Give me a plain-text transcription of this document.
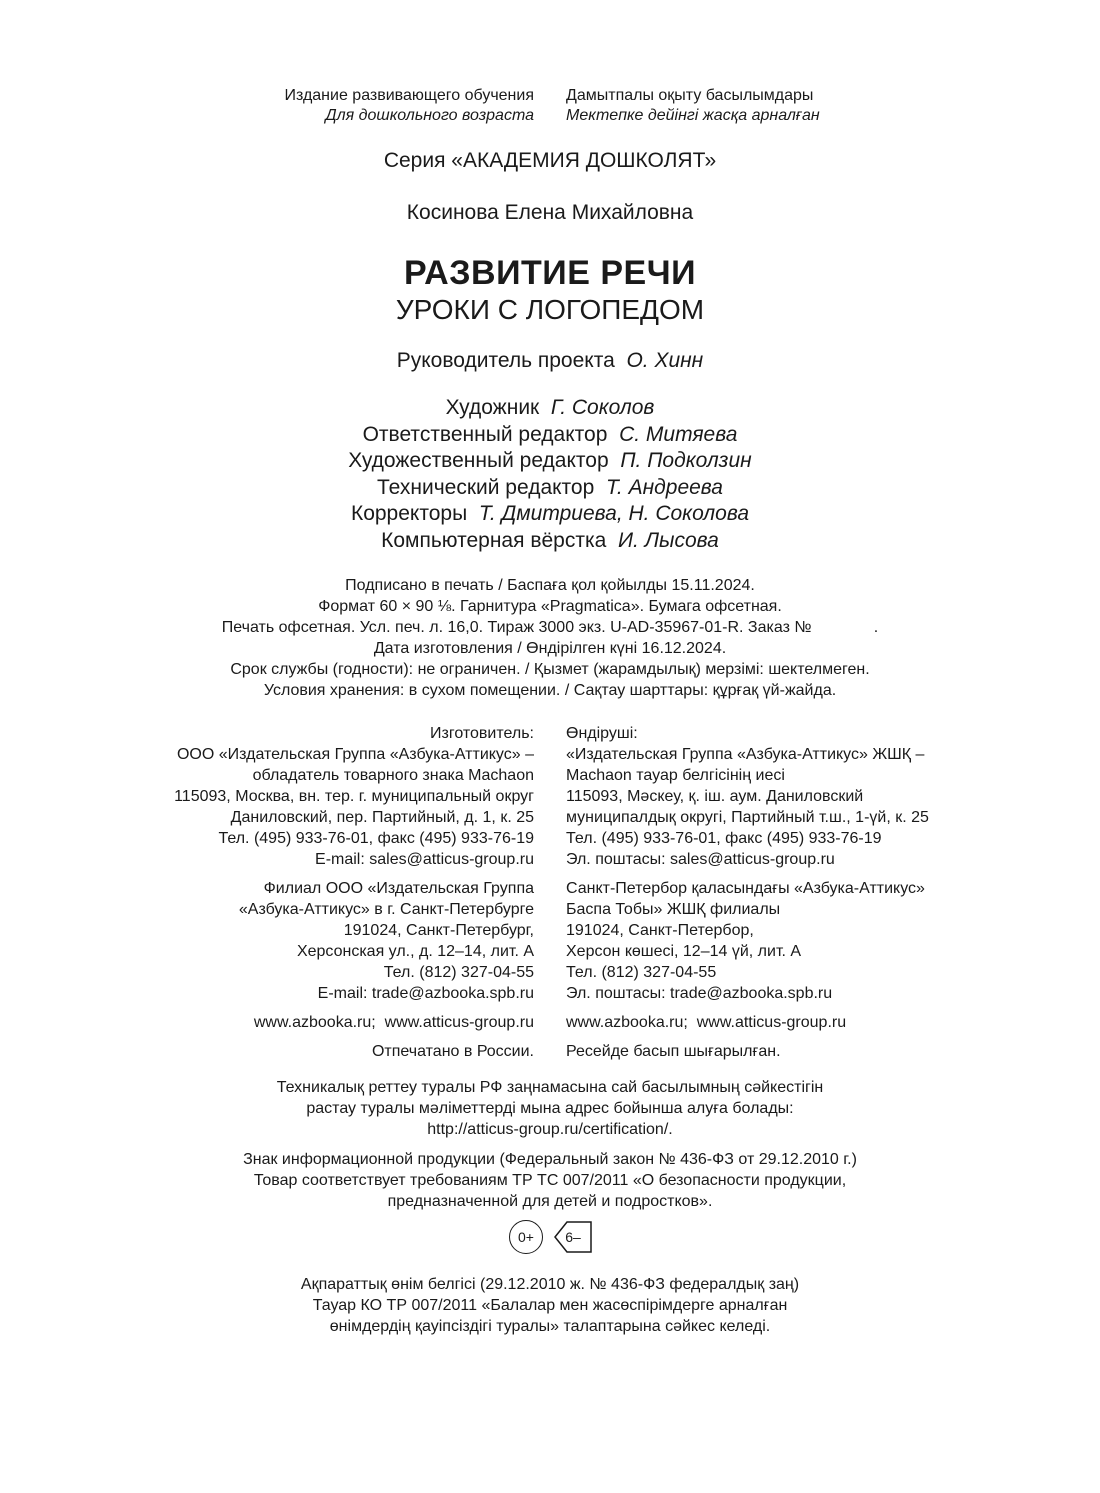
Издание развивающего обучения
Для дошкольного возраста
Дамытпалы оқыту басылымдары
Мектепке дейінгі жасқа арналған
Серия «АКАДЕМИЯ ДОШКОЛЯТ»
Косинова Елена Михайловна
РАЗВИТИЕ РЕЧИ
УРОКИ С ЛОГОПЕДОМ
Руководитель проекта О. Хинн
Художник Г. Соколов
Ответственный редактор С. Митяева
Художественный редактор П. Подколзин
Технический редактор Т. Андреева
Корректоры Т. Дмитриева, Н. Соколова
Компьютерная вёрстка И. Лысова
Подписано в печать / Баспаға қол қойылды 15.11.2024.
Формат 60 × 90 ⅛. Гарнитура «Pragmatica». Бумага офсетная.
Печать офсетная. Усл. печ. л. 16,0. Тираж 3000 экз. U-AD-35967-01-R. Заказ №              .
Дата изготовления / Өндірілген күні 16.12.2024.
Срок службы (годности): не ограничен. / Қызмет (жарамдылық) мерзімі: шектелмеген.
Условия хранения: в сухом помещении. / Сақтау шарттары: құрғақ үй-жайда.
Изготовитель:
ООО «Издательская Группа «Азбука-Аттикус» –
обладатель товарного знака Machaon
115093, Москва, вн. тер. г. муниципальный округ
Даниловский, пер. Партийный, д. 1, к. 25
Тел. (495) 933-76-01, факс (495) 933-76-19
E-mail: sales@atticus-group.ru
Өндіруші:
«Издательская Группа «Азбука-Аттикус» ЖШҚ –
Machaon тауар белгісінің иесі
115093, Мәскеу, қ. іш. аум. Даниловский
муниципалдық округі, Партийный т.ш., 1-үй, к. 25
Тел. (495) 933-76-01, факс (495) 933-76-19
Эл. поштасы: sales@atticus-group.ru
Филиал ООО «Издательская Группа
«Азбука-Аттикус» в г. Санкт-Петербурге
191024, Санкт-Петербург,
Херсонская ул., д. 12–14, лит. А
Тел. (812) 327-04-55
E-mail: trade@azbooka.spb.ru
Санкт-Петербор қаласындағы «Азбука-Аттикус»
Баспа Тобы» ЖШҚ филиалы
191024, Санкт-Петербор,
Херсон көшесі, 12–14 үй, лит. А
Тел. (812) 327-04-55
Эл. поштасы: trade@azbooka.spb.ru
www.azbooka.ru;  www.atticus-group.ru www.azbooka.ru;  www.atticus-group.ru
Отпечатано в России. Ресейде басып шығарылған.
Техникалық реттеу туралы РФ заңнамасына сай басылымның сәйкестігін
растау туралы мәліметтерді мына адрес бойынша алуға болады:
http://atticus-group.ru/certification/.
Знак информационной продукции (Федеральный закон № 436-ФЗ от 29.12.2010 г.)
Товар соответствует требованиям ТР ТС 007/2011 «О безопасности продукции,
предназначенной для детей и подростков».
0+	6–
Ақпараттық өнім белгісі (29.12.2010 ж. № 436-ФЗ федералдық заң)
Тауар КО ТР 007/2011 «Балалар мен жасөспірімдерге арналған
өнімдердің қауіпсіздігі туралы» талаптарына сәйкес келеді.
